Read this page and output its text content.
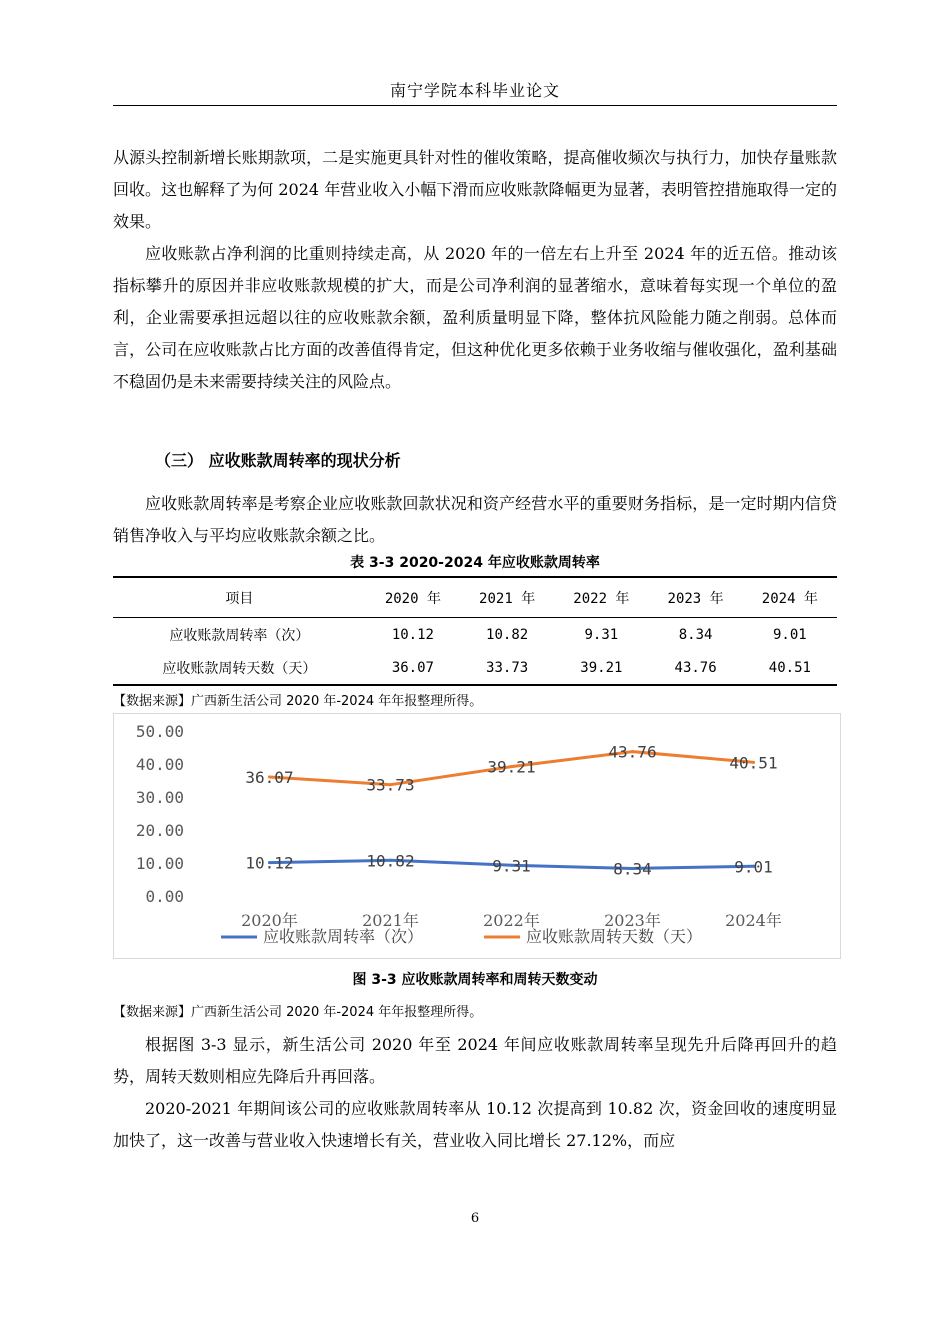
南宁学院本科毕业论文

从源头控制新增长账期款项，二是实施更具针对性的催收策略，提高催收频次与执行力，加快存量账款回收。这也解释了为何 2024 年营业收入小幅下滑而应收账款降幅更为显著，表明管控措施取得一定的效果。

应收账款占净利润的比重则持续走高，从 2020 年的一倍左右上升至 2024 年的近五倍。推动该指标攀升的原因并非应收账款规模的扩大，而是公司净利润的显著缩水，意味着每实现一个单位的盈利，企业需要承担远超以往的应收账款余额，盈利质量明显下降，整体抗风险能力随之削弱。总体而言，公司在应收账款占比方面的改善值得肯定，但这种优化更多依赖于业务收缩与催收强化，盈利基础不稳固仍是未来需要持续关注的风险点。

（三） 应收账款周转率的现状分析

应收账款周转率是考察企业应收账款回款状况和资产经营水平的重要财务指标，是一定时期内信贷销售净收入与平均应收账款余额之比。

表 3-3 2020-2024 年应收账款周转率
项目	2020 年	2021 年	2022 年	2023 年	2024 年
应收账款周转率（次）	10.12	10.82	9.31	8.34	9.01
应收账款周转天数（天）	36.07	33.73	39.21	43.76	40.51
【数据来源】广西新生活公司 2020 年-2024 年年报整理所得。
0.00
10.00
20.00
30.00
40.00
50.00
2020年	2021年	2022年	2023年	2024年
10.12	10.82	9.31	8.34	9.01
36.07	33.73
39.21
43.76
40.51
应收账款周转率（次）	应收账款周转天数（天）
图 3-3 应收账款周转率和周转天数变动
【数据来源】广西新生活公司 2020 年-2024 年年报整理所得。

根据图 3-3 显示，新生活公司 2020 年至 2024 年间应收账款周转率呈现先升后降再回升的趋势，周转天数则相应先降后升再回落。

2020-2021 年期间该公司的应收账款周转率从 10.12 次提高到 10.82 次，资金回收的速度明显加快了，这一改善与营业收入快速增长有关，营业收入同比增长 27.12%，而应

6
